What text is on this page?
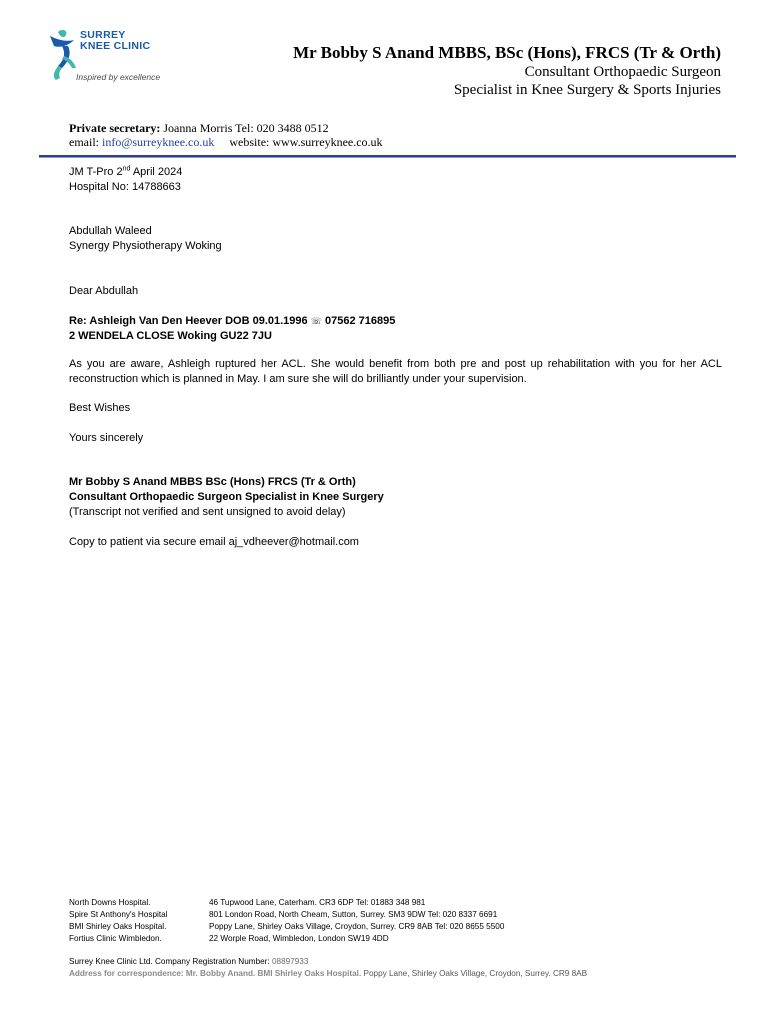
SURREY
KNEE CLINIC
Inspired by excellence
Mr Bobby S Anand MBBS, BSc (Hons), FRCS (Tr & Orth)
Consultant Orthopaedic Surgeon
Specialist in Knee Surgery & Sports Injuries
Private secretary: Joanna Morris Tel: 020 3488 0512
email: info@surreyknee.co.uk website: www.surreyknee.co.uk
JM T-Pro 2nd April 2024
Hospital No: 14788663
Abdullah Waleed
Synergy Physiotherapy Woking
Dear Abdullah
Re: Ashleigh Van Den Heever DOB 09.01.1996 ☏ 07562 716895
2 WENDELA CLOSE Woking GU22 7JU
As you are aware, Ashleigh ruptured her ACL. She would benefit from both pre and post up rehabilitation with you for her ACL reconstruction which is planned in May. I am sure she will do brilliantly under your supervision.
Best Wishes
Yours sincerely
Mr Bobby S Anand MBBS BSc (Hons) FRCS (Tr & Orth)
Consultant Orthopaedic Surgeon Specialist in Knee Surgery
(Transcript not verified and sent unsigned to avoid delay)
Copy to patient via secure email aj_vdheever@hotmail.com
North Downs Hospital.	46 Tupwood Lane, Caterham. CR3 6DP Tel: 01883 348 981
Spire St Anthony's Hospital	801 London Road, North Cheam, Sutton, Surrey. SM3 9DW Tel: 020 8337 6691
BMI Shirley Oaks Hospital.	Poppy Lane, Shirley Oaks Village, Croydon, Surrey. CR9 8AB Tel: 020 8655 5500
Fortius Clinic Wimbledon.	22 Worple Road, Wimbledon, London SW19 4DD
Surrey Knee Clinic Ltd. Company Registration Number: 08897933
Address for correspondence: Mr. Bobby Anand. BMI Shirley Oaks Hospital. Poppy Lane, Shirley Oaks Village, Croydon, Surrey. CR9 8AB
